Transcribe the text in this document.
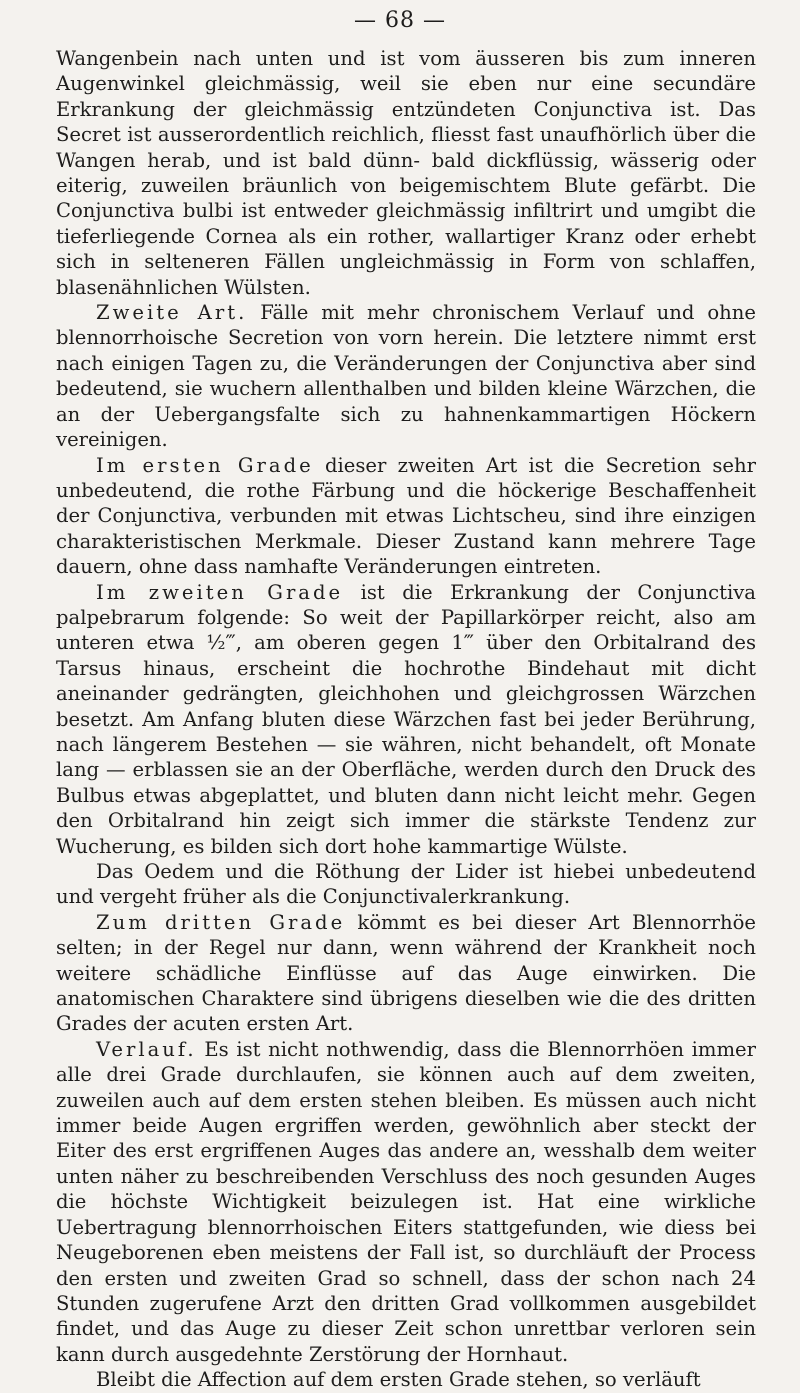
— 68 —

Wangenbein nach unten und ist vom äusseren bis zum inneren Augenwinkel gleichmässig, weil sie eben nur eine secundäre Erkrankung der gleichmässig entzündeten Conjunctiva ist. Das Secret ist ausserordentlich reichlich, fliesst fast unaufhörlich über die Wangen herab, und ist bald dünn- bald dickflüssig, wässerig oder eiterig, zuweilen bräunlich von beigemischtem Blute gefärbt. Die Conjunctiva bulbi ist entweder gleichmässig infiltrirt und umgibt die tieferliegende Cornea als ein rother, wallartiger Kranz oder erhebt sich in selteneren Fällen ungleichmässig in Form von schlaffen, blasenähnlichen Wülsten.

Zweite Art. Fälle mit mehr chronischem Verlauf und ohne blennorrhoische Secretion von vorn herein. Die letztere nimmt erst nach einigen Tagen zu, die Veränderungen der Conjunctiva aber sind bedeutend, sie wuchern allenthalben und bilden kleine Wärzchen, die an der Uebergangsfalte sich zu hahnenkammartigen Höckern vereinigen.

Im ersten Grade dieser zweiten Art ist die Secretion sehr unbedeutend, die rothe Färbung und die höckerige Beschaffenheit der Conjunctiva, verbunden mit etwas Lichtscheu, sind ihre einzigen charakteristischen Merkmale. Dieser Zustand kann mehrere Tage dauern, ohne dass namhafte Veränderungen eintreten.

Im zweiten Grade ist die Erkrankung der Conjunctiva palpebrarum folgende: So weit der Papillarkörper reicht, also am unteren etwa ½‴, am oberen gegen 1‴ über den Orbitalrand des Tarsus hinaus, erscheint die hochrothe Bindehaut mit dicht aneinander gedrängten, gleichhohen und gleichgrossen Wärzchen besetzt. Am Anfang bluten diese Wärzchen fast bei jeder Berührung, nach längerem Bestehen — sie währen, nicht behandelt, oft Monate lang — erblassen sie an der Oberfläche, werden durch den Druck des Bulbus etwas abgeplattet, und bluten dann nicht leicht mehr. Gegen den Orbitalrand hin zeigt sich immer die stärkste Tendenz zur Wucherung, es bilden sich dort hohe kammartige Wülste.

Das Oedem und die Röthung der Lider ist hiebei unbedeutend und vergeht früher als die Conjunctivalerkrankung.

Zum dritten Grade kömmt es bei dieser Art Blennorrhöe selten; in der Regel nur dann, wenn während der Krankheit noch weitere schädliche Einflüsse auf das Auge einwirken. Die anatomischen Charaktere sind übrigens dieselben wie die des dritten Grades der acuten ersten Art.

Verlauf. Es ist nicht nothwendig, dass die Blennorrhöen immer alle drei Grade durchlaufen, sie können auch auf dem zweiten, zuweilen auch auf dem ersten stehen bleiben. Es müssen auch nicht immer beide Augen ergriffen werden, gewöhnlich aber steckt der Eiter des erst ergriffenen Auges das andere an, wesshalb dem weiter unten näher zu beschreibenden Verschluss des noch gesunden Auges die höchste Wichtigkeit beizulegen ist. Hat eine wirkliche Uebertragung blennorrhoischen Eiters stattgefunden, wie diess bei Neugeborenen eben meistens der Fall ist, so durchläuft der Process den ersten und zweiten Grad so schnell, dass der schon nach 24 Stunden zugerufene Arzt den dritten Grad vollkommen ausgebildet findet, und das Auge zu dieser Zeit schon unrettbar verloren sein kann durch ausgedehnte Zerstörung der Hornhaut.

Bleibt die Affection auf dem ersten Grade stehen, so verläuft
